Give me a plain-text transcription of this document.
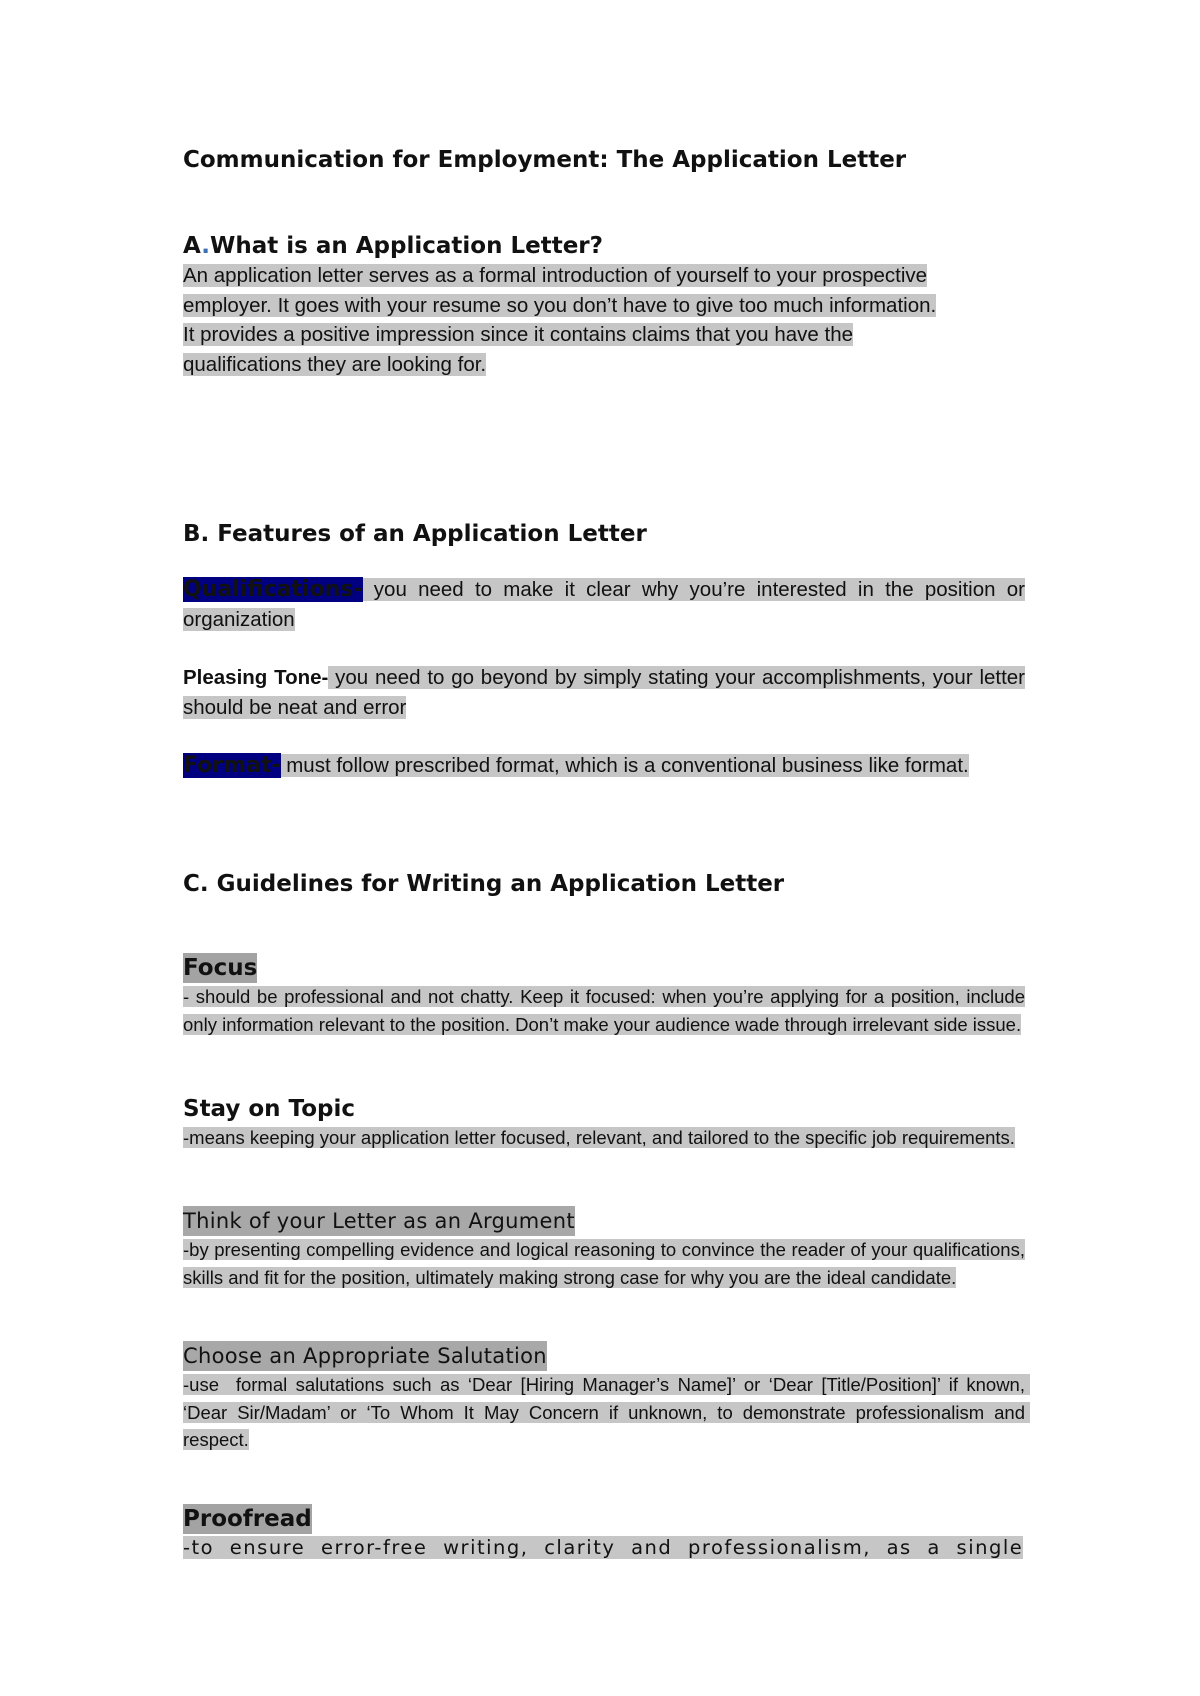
Communication for Employment: The Application Letter
A.What is an Application Letter?
An application letter serves as a formal introduction of yourself to your prospective
employer. It goes with your resume so you don’t have to give too much information.
It provides a positive impression since it contains claims that you have the
qualifications they are looking for.
B. Features of an Application Letter
Qualifications- you need to make it clear why you’re interested in the position or organization
Pleasing Tone- you need to go beyond by simply stating your accomplishments, your letter should be neat and error
Format- must follow prescribed format, which is a conventional business like format.
C. Guidelines for Writing an Application Letter
Focus
- should be professional and not chatty. Keep it focused: when you’re applying for a position, include only information relevant to the position. Don’t make your audience wade through irrelevant side issue.
Stay on Topic
-means keeping your application letter focused, relevant, and tailored to the specific job requirements.
Think of your Letter as an Argument
-by presenting compelling evidence and logical reasoning to convince the reader of your qualifications, skills and fit for the position, ultimately making strong case for why you are the ideal candidate.
Choose an Appropriate Salutation
-use  formal salutations such as ‘Dear [Hiring Manager’s Name]’ or ‘Dear [Title/Position]’ if known, ‘Dear Sir/Madam’ or ‘To Whom It May Concern if unknown, to demonstrate professionalism and respect.
Proofread
-to ensure error-free writing, clarity and professionalism, as a single
